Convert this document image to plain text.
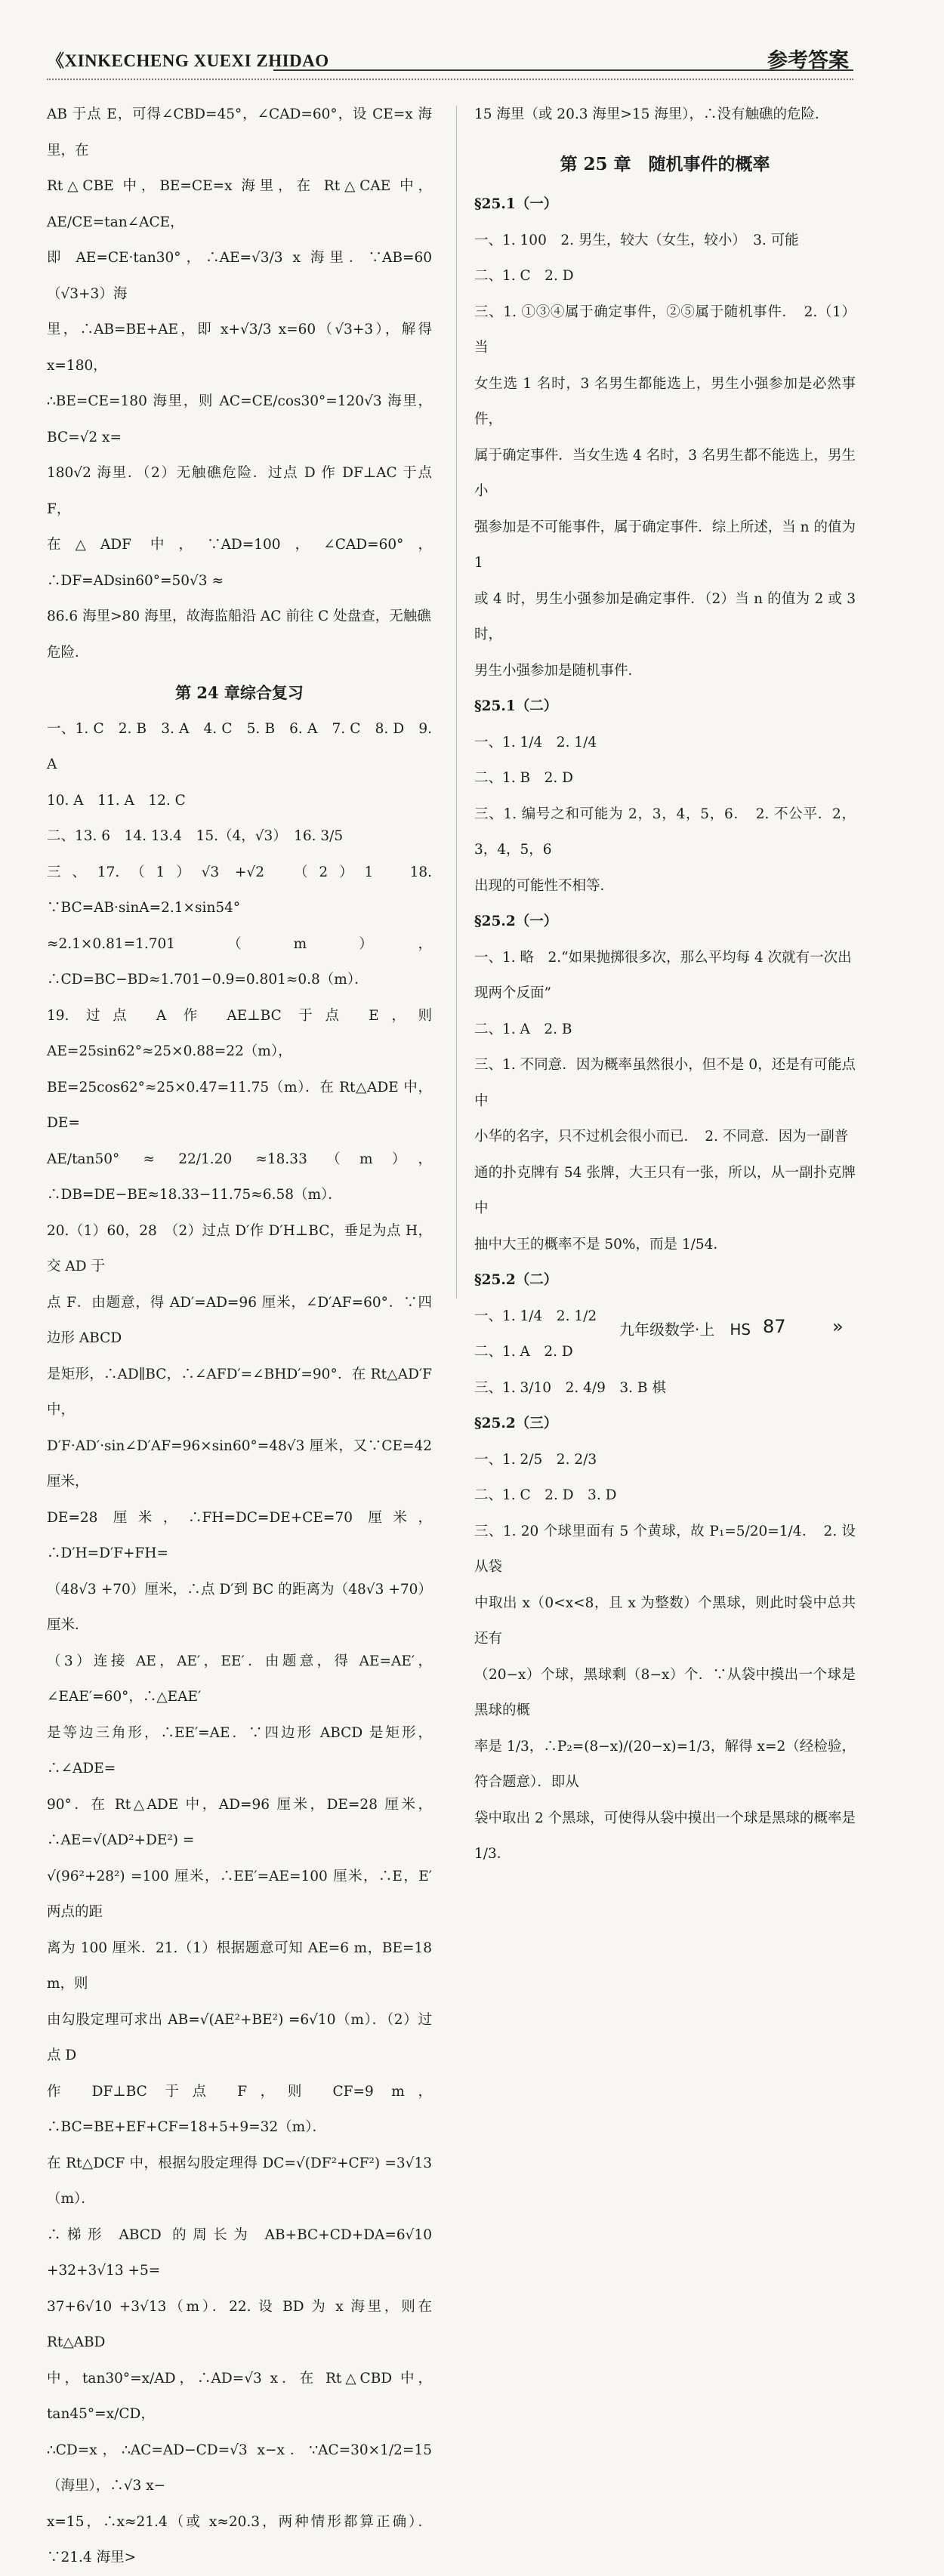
《XINKECHENG XUEXI ZHIDAO	参考答案

AB 于点 E，可得∠CBD=45°，∠CAD=60°，设 CE=x 海里，在

Rt△CBE 中，BE=CE=x 海里，在 Rt△CAE 中，AE/CE=tan∠ACE，

即 AE=CE·tan30°，∴AE=√3/3 x 海里．∵AB=60（√3+3）海

里，∴AB=BE+AE，即 x+√3/3 x=60（√3+3），解得 x=180，

∴BE=CE=180 海里，则 AC=CE/cos30°=120√3 海里，BC=√2 x=

180√2 海里．（2）无触礁危险．过点 D 作 DF⊥AC 于点 F，

在△ADF 中，∵AD=100，∠CAD=60°，∴DF=ADsin60°=50√3 ≈

86.6 海里>80 海里，故海监船沿 AC 前往 C 处盘查，无触礁

危险．

第 24 章综合复习

一、1. C　2. B　3. A　4. C　5. B　6. A　7. C　8. D　9. A

10. A　11. A　12. C

二、13. 6　14. 13.4　15.（4，√3）　16. 3/5

三、17.（1）√3 +√2　（2）1　18. ∵BC=AB·sinA=2.1×sin54°

≈2.1×0.81=1.701（m），∴CD=BC−BD≈1.701−0.9=0.801≈0.8（m）．

19. 过点 A 作 AE⊥BC 于点 E，则 AE=25sin62°≈25×0.88=22（m），

BE=25cos62°≈25×0.47=11.75（m）．在 Rt△ADE 中，DE=

AE/tan50° ≈ 22/1.20 ≈18.33（m），∴DB=DE−BE≈18.33−11.75≈6.58（m）．

20.（1）60，28　（2）过点 D′作 D′H⊥BC，垂足为点 H，交 AD 于

点 F．由题意，得 AD′=AD=96 厘米，∠D′AF=60°．∵四边形 ABCD

是矩形，∴AD∥BC，∴∠AFD′=∠BHD′=90°．在 Rt△AD′F 中，

D′F·AD′·sin∠D′AF=96×sin60°=48√3 厘米，又∵CE=42 厘米，

DE=28 厘米，∴FH=DC=DE+CE=70 厘米，∴D′H=D′F+FH=

（48√3 +70）厘米，∴点 D′到 BC 的距离为（48√3 +70）厘米．

（3）连接 AE，AE′，EE′．由题意，得 AE=AE′，∠EAE′=60°，∴△EAE′

是等边三角形，∴EE′=AE．∵四边形 ABCD 是矩形，∴∠ADE=

90°．在 Rt△ADE 中，AD=96 厘米，DE=28 厘米，∴AE=√(AD²+DE²) =

√(96²+28²) =100 厘米，∴EE′=AE=100 厘米，∴E，E′两点的距

离为 100 厘米．21.（1）根据题意可知 AE=6 m，BE=18 m，则

由勾股定理可求出 AB=√(AE²+BE²) =6√10（m）．（2）过点 D

作 DF⊥BC 于点 F，则 CF=9 m，∴BC=BE+EF+CF=18+5+9=32（m）．

在 Rt△DCF 中，根据勾股定理得 DC=√(DF²+CF²) =3√13（m）．

∴梯形 ABCD 的周长为 AB+BC+CD+DA=6√10 +32+3√13 +5=

37+6√10 +3√13（m）．22. 设 BD 为 x 海里，则在 Rt△ABD

中，tan30°=x/AD，∴AD=√3 x．在 Rt△CBD 中，tan45°=x/CD，

∴CD=x，∴AC=AD−CD=√3 x−x．∵AC=30×1/2=15（海里），∴√3 x−

x=15，∴x≈21.4（或 x≈20.3，两种情形都算正确）．∵21.4 海里>

15 海里（或 20.3 海里>15 海里），∴没有触礁的危险．

第 25 章　随机事件的概率

§25.1（一）

一、1. 100　2. 男生，较大（女生，较小）　3. 可能

二、1. C　2. D

三、1. ①③④属于确定事件，②⑤属于随机事件．　2.（1）当

女生选 1 名时，3 名男生都能选上，男生小强参加是必然事件，

属于确定事件．当女生选 4 名时，3 名男生都不能选上，男生小

强参加是不可能事件，属于确定事件．综上所述，当 n 的值为 1

或 4 时，男生小强参加是确定事件．（2）当 n 的值为 2 或 3 时，

男生小强参加是随机事件．

§25.1（二）

一、1. 1/4　2. 1/4

二、1. B　2. D

三、1. 编号之和可能为 2，3，4，5，6．　2. 不公平．2，3，4，5，6

出现的可能性不相等．

§25.2（一）

一、1. 略　2.“如果抛掷很多次，那么平均每 4 次就有一次出

现两个反面”

二、1. A　2. B

三、1. 不同意．因为概率虽然很小，但不是 0，还是有可能点中

小华的名字，只不过机会很小而已．　2. 不同意．因为一副普

通的扑克牌有 54 张牌，大王只有一张，所以，从一副扑克牌中

抽中大王的概率不是 50%，而是 1/54．

§25.2（二）

一、1. 1/4　2. 1/2

二、1. A　2. D

三、1. 3/10　2. 4/9　3. B 棋

§25.2（三）

一、1. 2/5　2. 2/3

二、1. C　2. D　3. D

三、1. 20 个球里面有 5 个黄球，故 P₁=5/20=1/4．　2. 设从袋

中取出 x（0<x<8，且 x 为整数）个黑球，则此时袋中总共还有

（20−x）个球，黑球剩（8−x）个．∵从袋中摸出一个球是黑球的概

率是 1/3，∴P₂=(8−x)/(20−x)=1/3，解得 x=2（经检验，符合题意）．即从

袋中取出 2 个黑球，可使得从袋中摸出一个球是黑球的概率是 1/3．

九年级数学·上　HS 87	»
